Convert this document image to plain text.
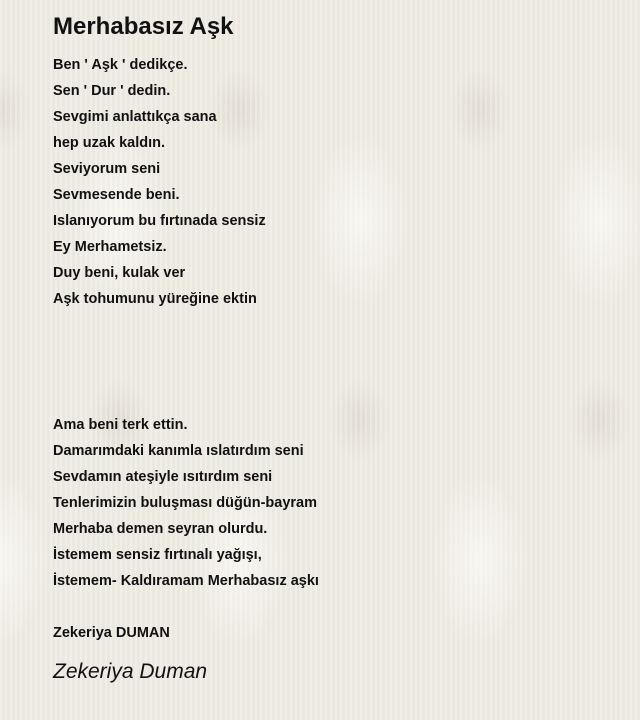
Merhabasız Aşk
Ben ' Aşk ' dedikçe.
Sen ' Dur ' dedin.
Sevgimi anlattıkça sana
hep uzak kaldın.
Seviyorum seni
Sevmesende beni.
Islanıyorum bu fırtınada sensiz
Ey Merhametsiz.
Duy beni, kulak ver
Aşk tohumunu yüreğine ektin
Ama beni terk ettin.
Damarımdaki kanımla ıslatırdım seni
Sevdamın ateşiyle ısıtırdım seni
Tenlerimizin buluşması düğün-bayram
Merhaba demen seyran olurdu.
İstemem sensiz fırtınalı yağışı,
İstemem- Kaldıramam Merhabasız aşkı
Zekeriya DUMAN
Zekeriya Duman
